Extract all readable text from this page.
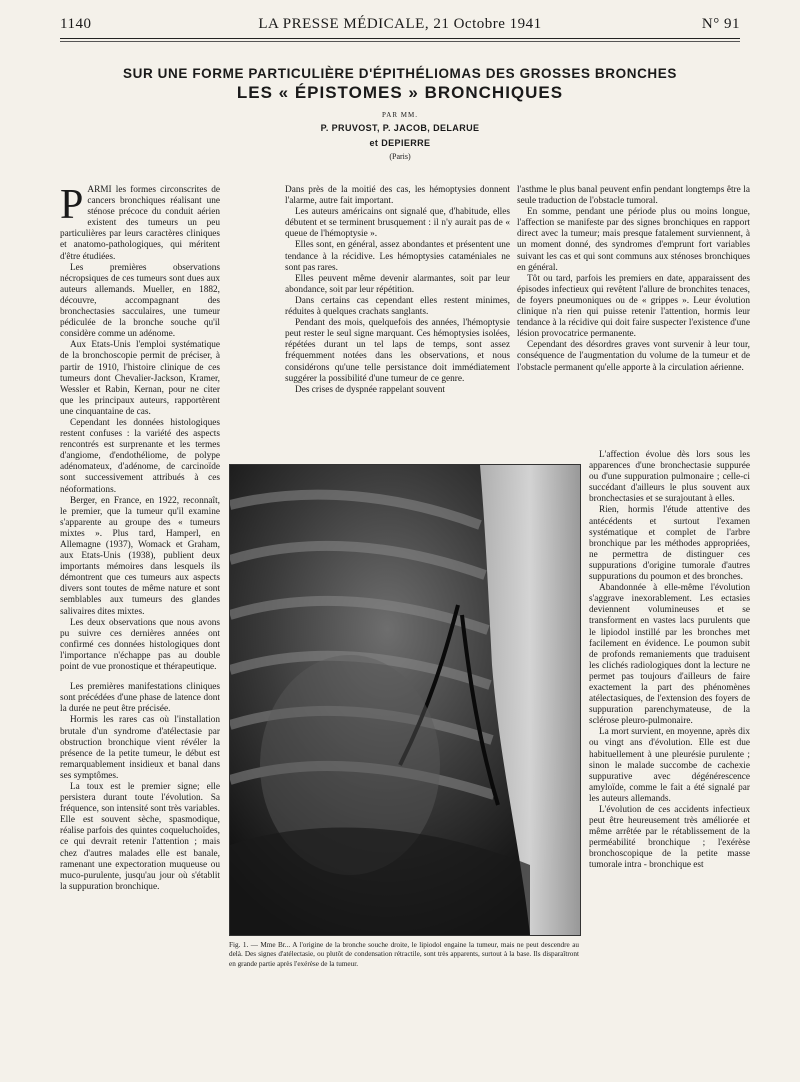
1140	LA PRESSE MÉDICALE, 21 Octobre 1941	N° 91
SUR UNE FORME PARTICULIÈRE D'ÉPITHÉLIOMAS DES GROSSES BRONCHES
LES « ÉPISTOMES » BRONCHIQUES
PAR MM.
P. PRUVOST, P. JACOB, DELARUE
et DEPIERRE
(Paris)

PARMI les formes circonscrites de cancers bronchiques réalisant une sténose précoce du conduit aérien existent des tumeurs un peu particulières par leurs caractères cliniques et anatomo-pathologiques, qui méritent d'être étudiées.

Les premières observations nécropsiques de ces tumeurs sont dues aux auteurs allemands. Mueller, en 1882, découvre, accompagnant des bronchectasies sacculaires, une tumeur pédiculée de la bronche souche qu'il considère comme un adénome.

Aux Etats-Unis l'emploi systématique de la bronchoscopie permit de préciser, à partir de 1910, l'histoire clinique de ces tumeurs dont Chevalier-Jackson, Kramer, Wessler et Rabin, Kernan, pour ne citer que les principaux auteurs, rapportèrent une cinquantaine de cas.

Cependant les données histologiques restent confuses : la variété des aspects rencontrés est surprenante et les termes d'angiome, d'endothéliome, de polype adénomateux, d'adénome, de carcinoïde sont successivement attribués à ces néoformations.

Berger, en France, en 1922, reconnaît, le premier, que la tumeur qu'il examine s'apparente au groupe des « tumeurs mixtes ». Plus tard, Hamperl, en Allemagne (1937), Womack et Graham, aux Etats-Unis (1938), publient deux importants mémoires dans lesquels ils démontrent que ces tumeurs aux aspects divers sont toutes de même nature et sont semblables aux tumeurs des glandes salivaires dites mixtes.

Les deux observations que nous avons pu suivre ces dernières années ont confirmé ces données histologiques dont l'importance n'échappe pas au double point de vue pronostique et thérapeutique.

Les premières manifestations cliniques sont précédées d'une phase de latence dont la durée ne peut être précisée.

Hormis les rares cas où l'installation brutale d'un syndrome d'atélectasie par obstruction bronchique vient révéler la présence de la petite tumeur, le début est remarquablement insidieux et banal dans ses symptômes.

La toux est le premier signe; elle persistera durant toute l'évolution. Sa fréquence, son intensité sont très variables. Elle est souvent sèche, spasmodique, réalise parfois des quintes coqueluchoïdes, ce qui devrait retenir l'attention ; mais chez d'autres malades elle est banale, ramenant une expectoration muqueuse ou muco-purulente, jusqu'au jour où s'établit la suppuration bronchique.

Dans près de la moitié des cas, les hémoptysies donnent l'alarme, autre fait important.

Les auteurs américains ont signalé que, d'habitude, elles débutent et se terminent brusquement : il n'y aurait pas de « queue de l'hémoptysie ».

Elles sont, en général, assez abondantes et présentent une tendance à la récidive. Les hémoptysies cataméniales ne sont pas rares.

Elles peuvent même devenir alarmantes, soit par leur abondance, soit par leur répétition.

Dans certains cas cependant elles restent minimes, réduites à quelques crachats sanglants.

Pendant des mois, quelquefois des années, l'hémoptysie peut rester le seul signe marquant. Ces hémoptysies isolées, répétées durant un tel laps de temps, sont assez fréquemment notées dans les observations, et nous considérons qu'une telle persistance doit immédiatement suggérer la possibilité d'une tumeur de ce genre.

Des crises de dyspnée rappelant souvent

l'asthme le plus banal peuvent enfin pendant longtemps être la seule traduction de l'obstacle tumoral.

En somme, pendant une période plus ou moins longue, l'affection se manifeste par des signes bronchiques en rapport direct avec la tumeur; mais presque fatalement surviennent, à un moment donné, des syndromes d'emprunt fort variables suivant les cas et qui sont communs aux sténoses bronchiques en général.

Tôt ou tard, parfois les premiers en date, apparaissent des épisodes infectieux qui revêtent l'allure de bronchites tenaces, de foyers pneumoniques ou de « grippes ». Leur évolution clinique n'a rien qui puisse retenir l'attention, hormis leur tendance à la récidive qui doit faire suspecter l'existence d'une lésion provocatrice permanente.

Cependant des désordres graves vont survenir à leur tour, conséquence de l'augmentation du volume de la tumeur et de l'obstacle permanent qu'elle apporte à la circulation aérienne.

L'affection évolue dès lors sous les apparences d'une bronchectasie suppurée ou d'une suppuration pulmonaire ; celle-ci succédant d'ailleurs le plus souvent aux bronchectasies et se surajoutant à elles.

Rien, hormis l'étude attentive des antécédents et surtout l'examen systématique et complet de l'arbre bronchique par les méthodes appropriées, ne permettra de distinguer ces suppurations d'origine tumorale d'autres suppurations du poumon et des bronches.

Abandonnée à elle-même l'évolution s'aggrave inexorablement. Les ectasies deviennent volumineuses et se transforment en vastes lacs purulents que le lipiodol instillé par les bronches met facilement en évidence. Le poumon subit de profonds remaniements que traduisent les clichés radiologiques dont la lecture ne permet pas toujours d'ailleurs de faire exactement la part des phénomènes atélectasiques, de l'extension des foyers de suppuration parenchymateuse, de la sclérose pleuro-pulmonaire.

La mort survient, en moyenne, après dix ou vingt ans d'évolution. Elle est due habituellement à une pleurésie purulente ; sinon le malade succombe de cachexie suppurative avec dégénérescence amyloïde, comme le fait a été signalé par les auteurs allemands.

L'évolution de ces accidents infectieux peut être heureusement très améliorée et même arrêtée par le rétablissement de la perméabilité bronchique ; l'exérèse bronchoscopique de la petite masse tumorale intra - bronchique est

Fig. 1. — Mme Br... A l'origine de la bronche souche droite, le lipiodol engaine la tumeur, mais ne peut descendre au delà. Des signes d'atélectasie, ou plutôt de condensation rétractile, sont très apparents, surtout à la base. Ils disparaîtront en grande partie après l'exérèse de la tumeur.
